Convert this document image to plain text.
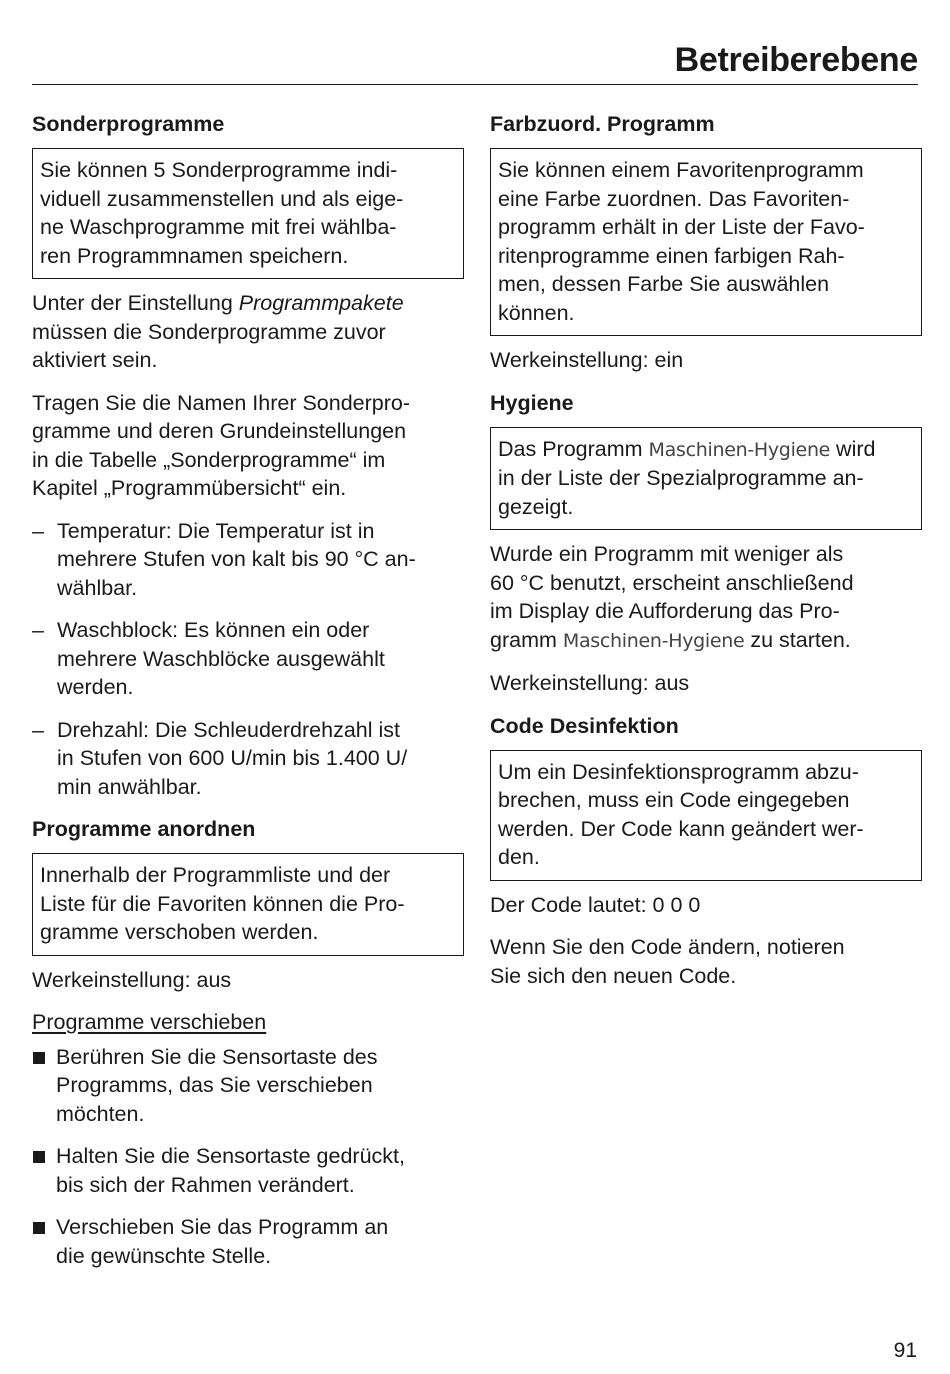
Betreiberebene
Sonderprogramme
Sie können 5 Sonderprogramme indi-
viduell zusammenstellen und als eige-
ne Waschprogramme mit frei wählba-
ren Programmnamen speichern.

Unter der Einstellung Programmpakete
müssen die Sonderprogramme zuvor
aktiviert sein.

Tragen Sie die Namen Ihrer Sonderpro-
gramme und deren Grundeinstellungen
in die Tabelle „Sonderprogramme“ im
Kapitel „Programmübersicht“ ein.

– Temperatur: Die Temperatur ist in
mehrere Stufen von kalt bis 90 °C an-
wählbar.
– Waschblock: Es können ein oder
mehrere Waschblöcke ausgewählt
werden.
– Drehzahl: Die Schleuderdrehzahl ist
in Stufen von 600 U/min bis 1.400 U/
min anwählbar.
Programme anordnen
Innerhalb der Programmliste und der
Liste für die Favoriten können die Pro-
gramme verschoben werden.

Werkeinstellung: aus

Programme verschieben

Berühren Sie die Sensortaste des
Programms, das Sie verschieben
möchten.
Halten Sie die Sensortaste gedrückt,
bis sich der Rahmen verändert.
Verschieben Sie das Programm an
die gewünschte Stelle.
Farbzuord. Programm
Sie können einem Favoritenprogramm
eine Farbe zuordnen. Das Favoriten-
programm erhält in der Liste der Favo-
ritenprogramme einen farbigen Rah-
men, dessen Farbe Sie auswählen
können.

Werkeinstellung: ein

Hygiene
Das Programm Maschinen-Hygiene wird
in der Liste der Spezialprogramme an-
gezeigt.

Wurde ein Programm mit weniger als
60 °C benutzt, erscheint anschließend
im Display die Aufforderung das Pro-
gramm Maschinen-Hygiene zu starten.

Werkeinstellung: aus

Code Desinfektion
Um ein Desinfektionsprogramm abzu-
brechen, muss ein Code eingegeben
werden. Der Code kann geändert wer-
den.

Der Code lautet: 0 0 0

Wenn Sie den Code ändern, notieren
Sie sich den neuen Code.

91
